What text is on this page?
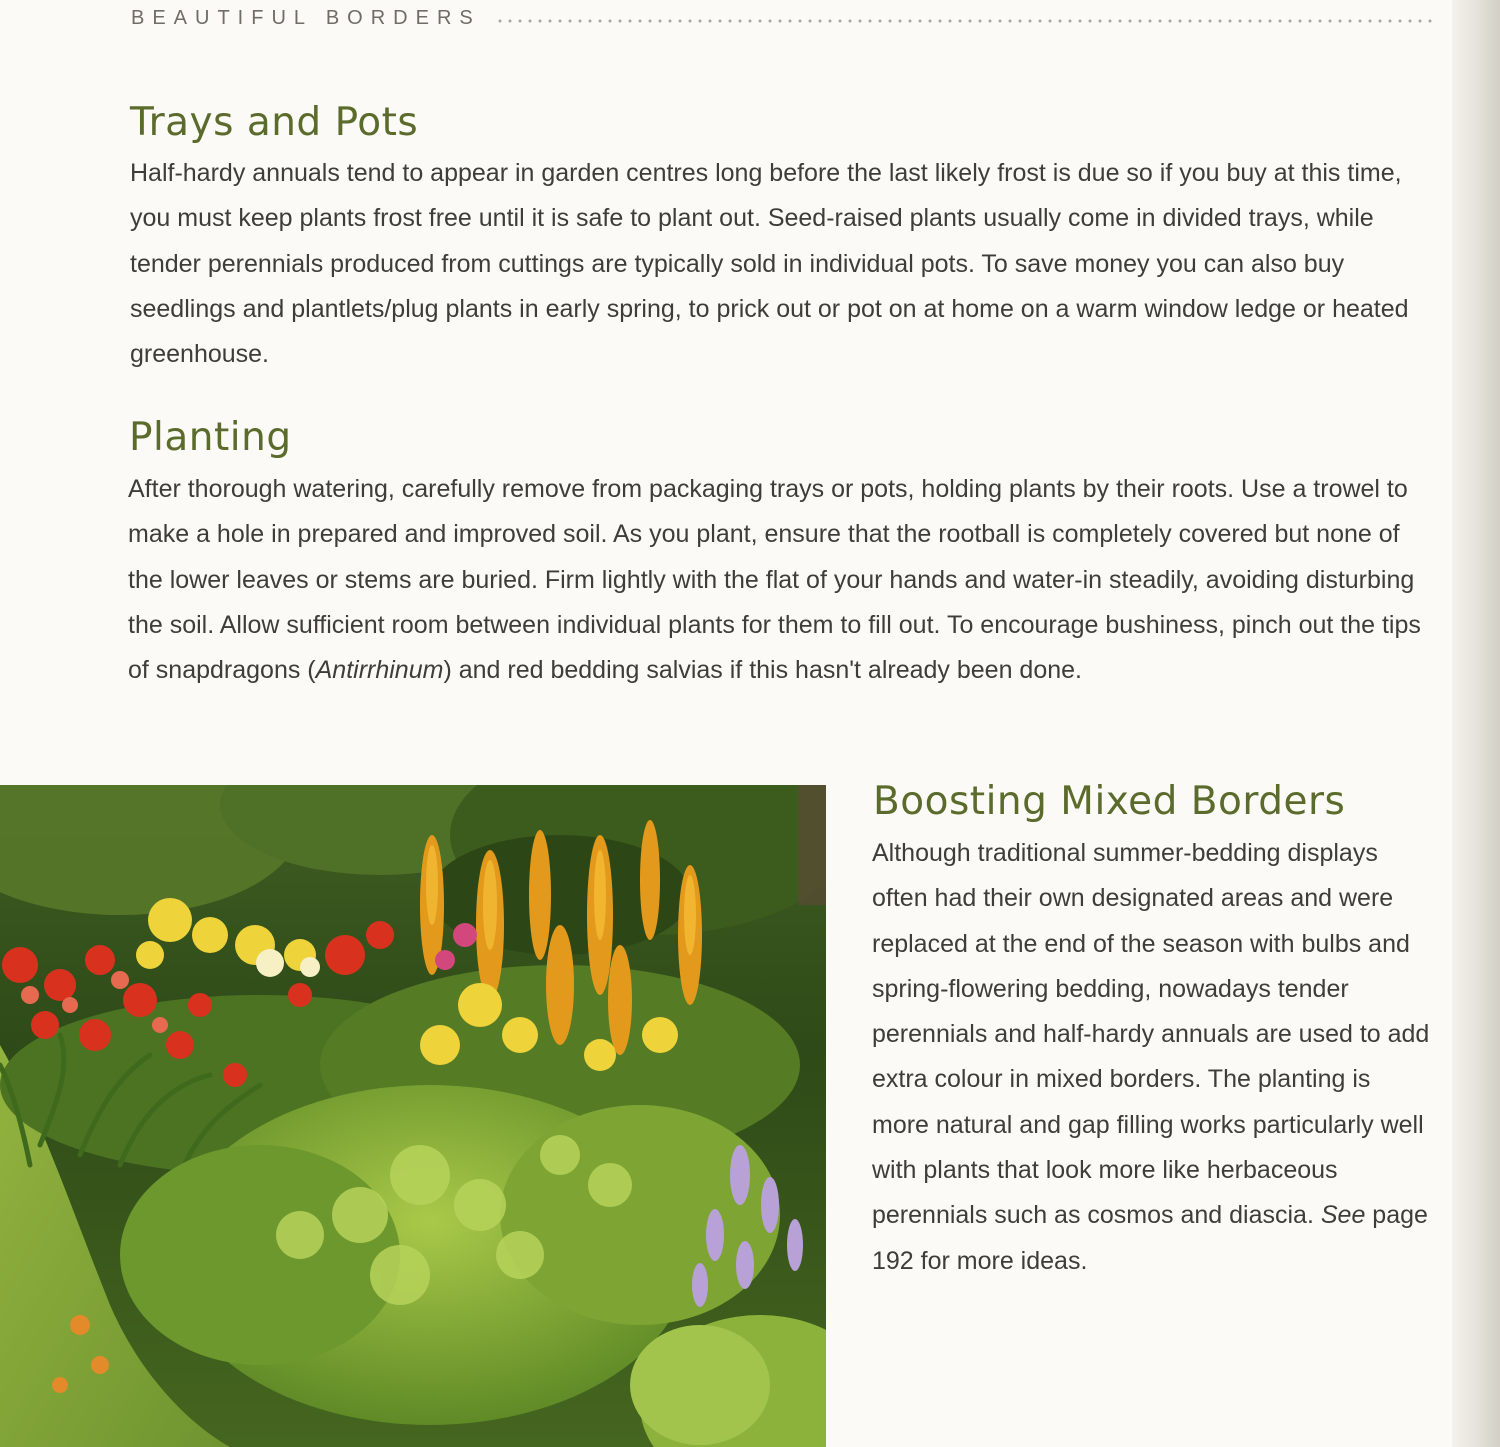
BEAUTIFUL BORDERS
Trays and Pots

Half-hardy annuals tend to appear in garden centres long before the last likely frost is due so if you buy at this time, you must keep plants frost free until it is safe to plant out. Seed-raised plants usually come in divided trays, while tender perennials produced from cuttings are typically sold in individual pots. To save money you can also buy seedlings and plantlets/plug plants in early spring, to prick out or pot on at home on a warm window ledge or heated greenhouse.

Planting

After thorough watering, carefully remove from packaging trays or pots, holding plants by their roots. Use a trowel to make a hole in prepared and improved soil. As you plant, ensure that the rootball is completely covered but none of the lower leaves or stems are buried. Firm lightly with the flat of your hands and water-in steadily, avoiding disturbing the soil. Allow sufficient room between individual plants for them to fill out. To encourage bushiness, pinch out the tips of snapdragons (Antirrhinum) and red bedding salvias if this hasn't already been done.

Boosting Mixed Borders

Although traditional summer-bedding displays often had their own designated areas and were replaced at the end of the season with bulbs and spring-flowering bedding, nowadays tender perennials and half-hardy annuals are used to add extra colour in mixed borders. The planting is more natural and gap filling works particularly well with plants that look more like herbaceous perennials such as cosmos and diascia. See page 192 for more ideas.
